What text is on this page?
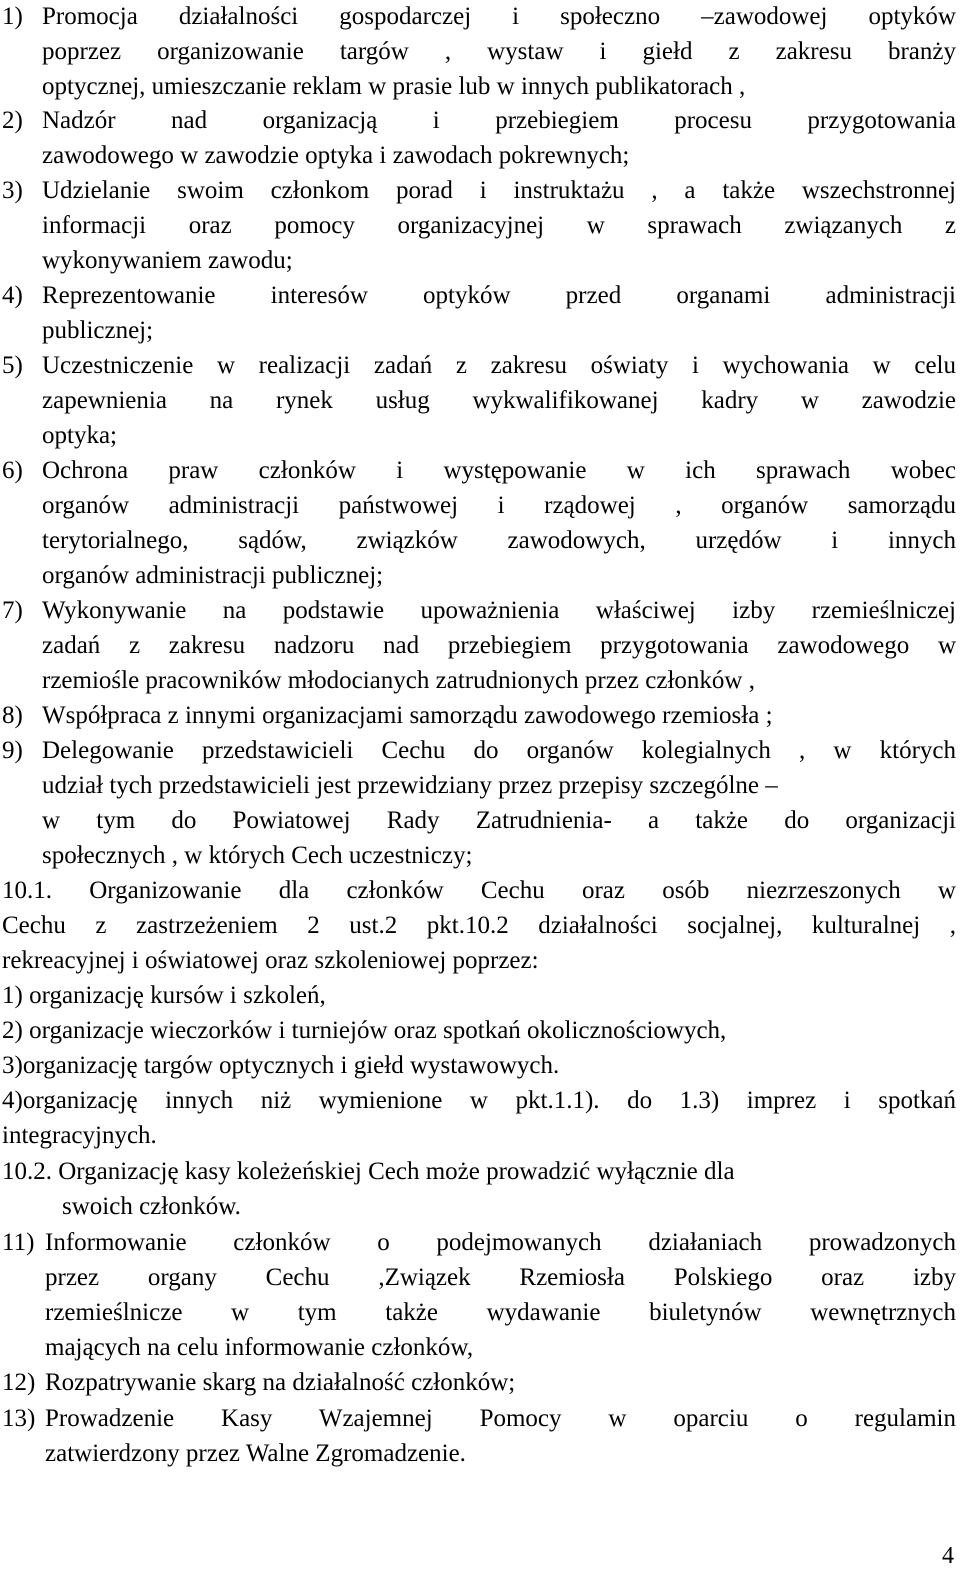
1) Promocja działalności gospodarczej i społeczno –zawodowej optyków
poprzez organizowanie targów , wystaw i giełd z zakresu branży
optycznej, umieszczanie reklam w prasie lub w innych publikatorach ,
2) Nadzór nad organizacją i przebiegiem procesu przygotowania
zawodowego w zawodzie optyka i zawodach pokrewnych;
3) Udzielanie swoim członkom porad i instruktażu , a także wszechstronnej
informacji oraz pomocy organizacyjnej w sprawach związanych z
wykonywaniem zawodu;
4) Reprezentowanie interesów optyków przed organami administracji
publicznej;
5) Uczestniczenie w realizacji zadań z zakresu oświaty i wychowania w celu
zapewnienia na rynek usług wykwalifikowanej kadry w zawodzie
optyka;
6) Ochrona praw członków i występowanie w ich sprawach wobec
organów administracji państwowej i rządowej , organów samorządu
terytorialnego, sądów, związków zawodowych, urzędów i innych
organów administracji publicznej;
7) Wykonywanie na podstawie upoważnienia właściwej izby rzemieślniczej
zadań z zakresu nadzoru nad przebiegiem przygotowania zawodowego w
rzemiośle pracowników młodocianych zatrudnionych przez członków ,
8) Współpraca z innymi organizacjami samorządu zawodowego rzemiosła ;
9) Delegowanie przedstawicieli Cechu do organów kolegialnych , w których
udział tych przedstawicieli jest przewidziany przez przepisy szczególne –
w tym do Powiatowej Rady Zatrudnienia- a także do organizacji
społecznych , w których Cech uczestniczy;
10.1. Organizowanie dla członków Cechu oraz osób niezrzeszonych w
Cechu z zastrzeżeniem 2 ust.2 pkt.10.2 działalności socjalnej, kulturalnej ,
rekreacyjnej i oświatowej oraz szkoleniowej poprzez:
1) organizację kursów i szkoleń,
2) organizacje wieczorków i turniejów oraz spotkań okolicznościowych,
3)organizację targów optycznych i giełd wystawowych.
4)organizację innych niż wymienione w pkt.1.1). do 1.3) imprez i spotkań
integracyjnych.
10.2. Organizację kasy koleżeńskiej Cech może prowadzić wyłącznie dla
swoich członków.
11) Informowanie członków o podejmowanych działaniach prowadzonych
przez organy Cechu ,Związek Rzemiosła Polskiego oraz izby
rzemieślnicze w tym także wydawanie biuletynów wewnętrznych
mających na celu informowanie członków,
12) Rozpatrywanie skarg na działalność członków;
13) Prowadzenie Kasy Wzajemnej Pomocy w oparciu o regulamin
zatwierdzony przez Walne Zgromadzenie.
4
